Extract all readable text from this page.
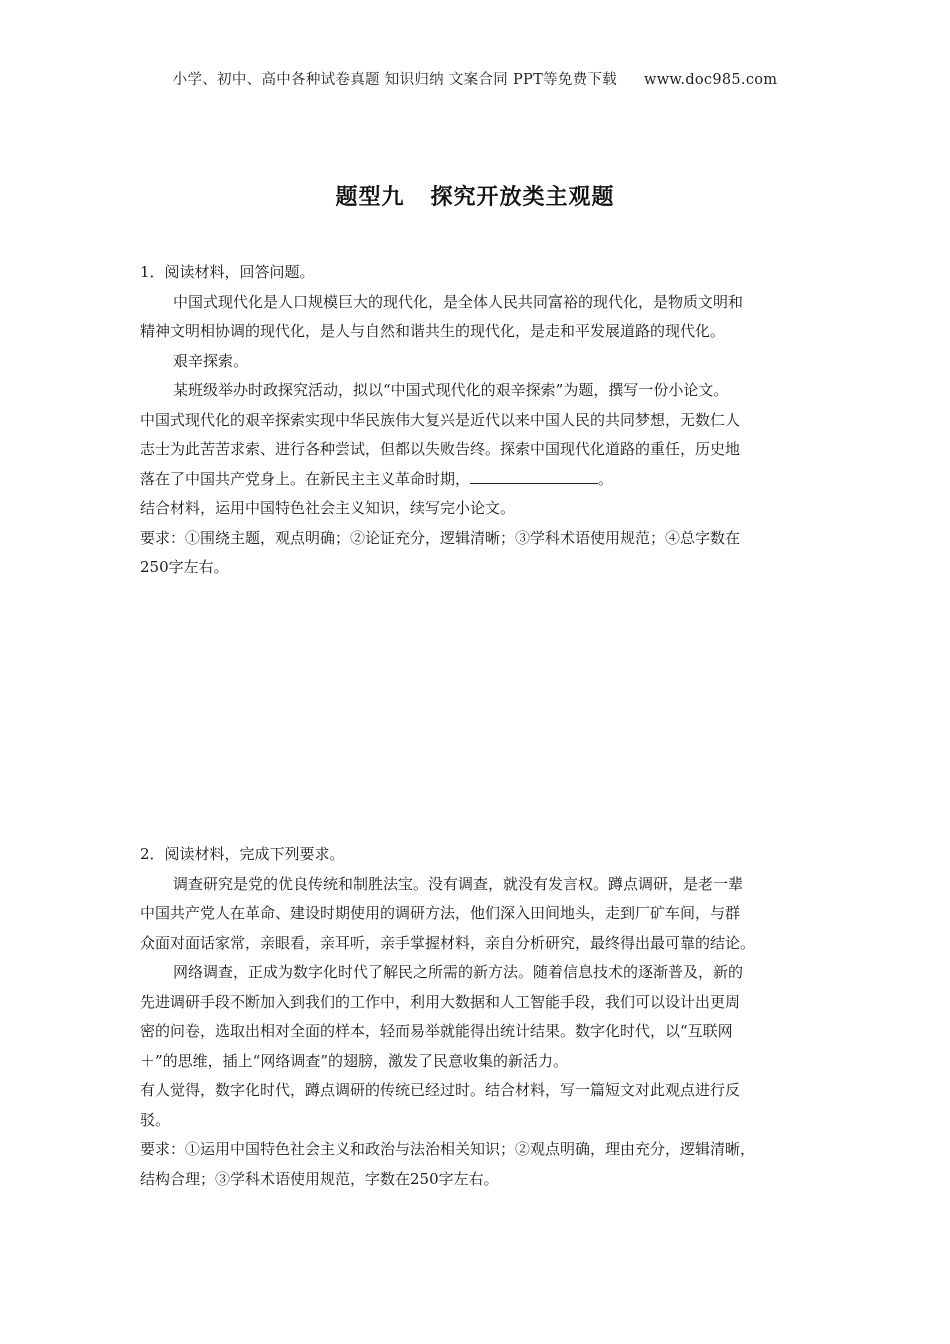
小学、初中、高中各种试卷真题 知识归纳 文案合同 PPT等免费下载 www.doc985.com
题型九 探究开放类主观题

1．阅读材料，回答问题。

中国式现代化是人口规模巨大的现代化，是全体人民共同富裕的现代化，是物质文明和

精神文明相协调的现代化，是人与自然和谐共生的现代化，是走和平发展道路的现代化。

艰辛探索。

某班级举办时政探究活动，拟以“中国式现代化的艰辛探索”为题，撰写一份小论文。

中国式现代化的艰辛探索实现中华民族伟大复兴是近代以来中国人民的共同梦想，无数仁人

志士为此苦苦求索、进行各种尝试，但都以失败告终。探索中国现代化道路的重任，历史地

落在了中国共产党身上。在新民主主义革命时期，	。

结合材料，运用中国特色社会主义知识，续写完小论文。

要求：①围绕主题，观点明确；②论证充分，逻辑清晰；③学科术语使用规范；④总字数在

250字左右。

2．阅读材料，完成下列要求。

调查研究是党的优良传统和制胜法宝。没有调查，就没有发言权。蹲点调研，是老一辈

中国共产党人在革命、建设时期使用的调研方法，他们深入田间地头，走到厂矿车间，与群

众面对面话家常，亲眼看，亲耳听，亲手掌握材料，亲自分析研究，最终得出最可靠的结论。

网络调查，正成为数字化时代了解民之所需的新方法。随着信息技术的逐渐普及，新的

先进调研手段不断加入到我们的工作中，利用大数据和人工智能手段，我们可以设计出更周

密的问卷，选取出相对全面的样本，轻而易举就能得出统计结果。数字化时代，以“互联网

＋”的思维，插上“网络调查”的翅膀，激发了民意收集的新活力。

有人觉得，数字化时代，蹲点调研的传统已经过时。结合材料，写一篇短文对此观点进行反

驳。

要求：①运用中国特色社会主义和政治与法治相关知识；②观点明确，理由充分，逻辑清晰，

结构合理；③学科术语使用规范，字数在250字左右。
